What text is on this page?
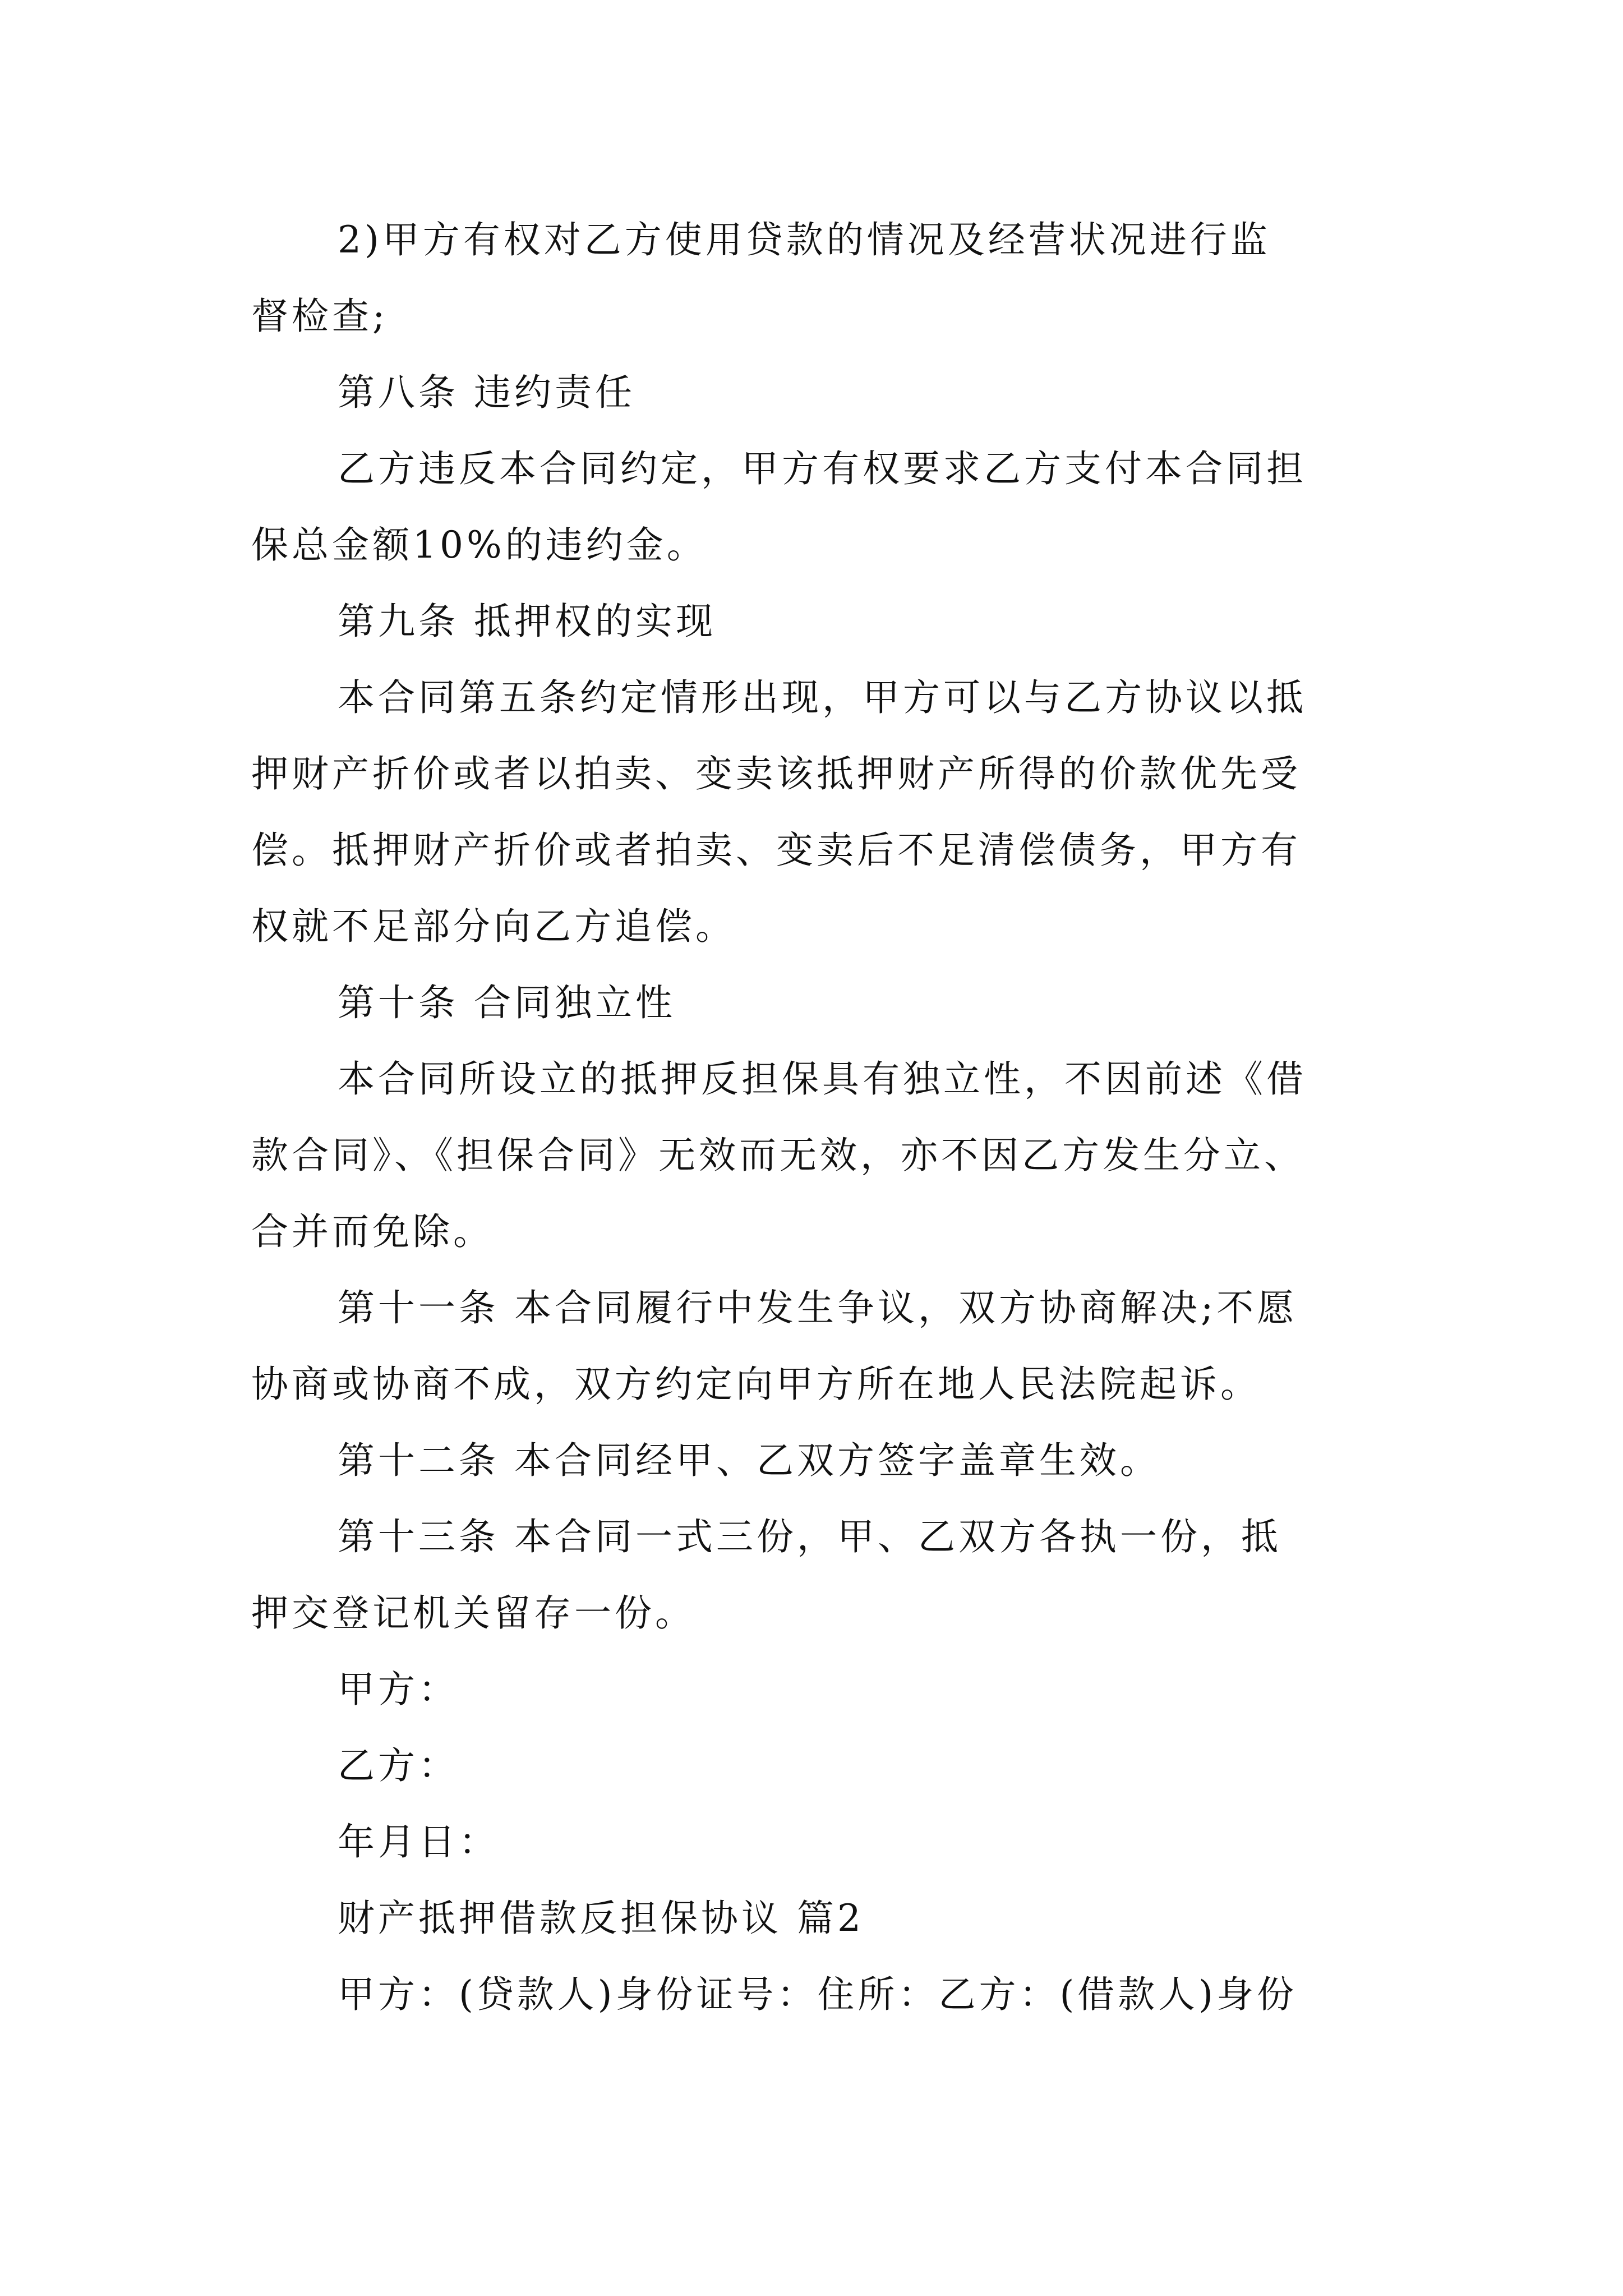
2)甲方有权对乙方使用贷款的情况及经营状况进行监
督检查;
第八条 违约责任
乙方违反本合同约定，甲方有权要求乙方支付本合同担
保总金额10%的违约金。
第九条 抵押权的实现
本合同第五条约定情形出现，甲方可以与乙方协议以抵
押财产折价或者以拍卖、变卖该抵押财产所得的价款优先受
偿。抵押财产折价或者拍卖、变卖后不足清偿债务，甲方有
权就不足部分向乙方追偿。
第十条 合同独立性
本合同所设立的抵押反担保具有独立性，不因前述《借
款合同》、《担保合同》无效而无效，亦不因乙方发生分立、
合并而免除。
第十一条 本合同履行中发生争议，双方协商解决;不愿
协商或协商不成，双方约定向甲方所在地人民法院起诉。
第十二条 本合同经甲、乙双方签字盖章生效。
第十三条 本合同一式三份，甲、乙双方各执一份，抵
押交登记机关留存一份。
甲方：
乙方：
年月日：
财产抵押借款反担保协议 篇2
甲方：(贷款人)身份证号：住所：乙方：(借款人)身份
